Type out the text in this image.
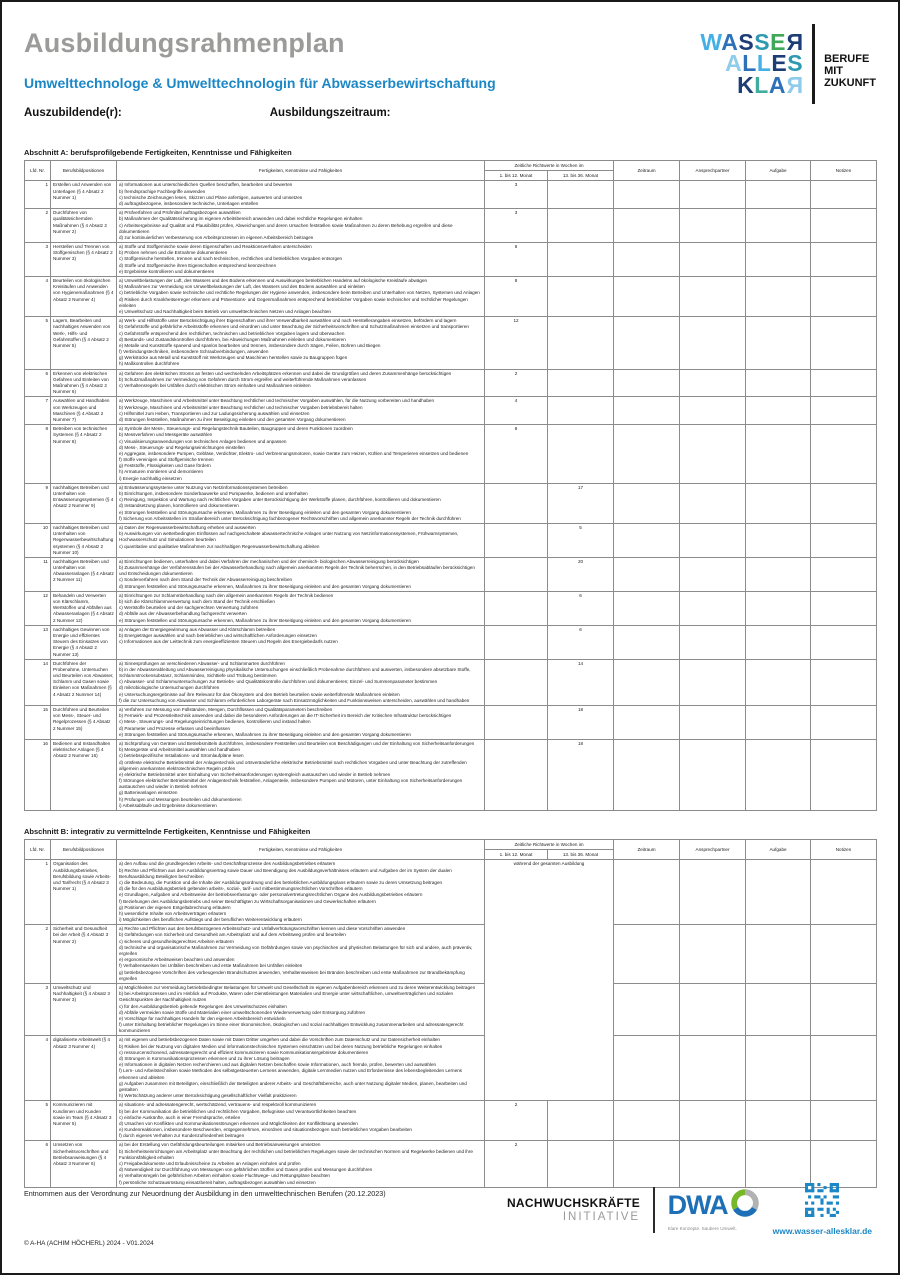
Ausbildungsrahmenplan
Umwelttechnologe & Umwelttechnologin für Abwasserbewirtschaftung
Auszubildende(r):	Ausbildungszeitraum:
WASSER
ALLES
KLAR
BERUFE
MIT
ZUKUNFT
Abschnitt A: berufsprofilgebende Fertigkeiten, Kenntnisse und Fähigkeiten
Lfd. Nr.	Berufsbildpositionen	Fertigkeiten, Kenntnisse und Fähigkeiten	Zeitliche Richtwerte in Wochen im		Zeitraum	Ansprechpartner	Aufgabe	Notizen
			1. bis 12. Monat	13. bis 36. Monat				
1	Erstellen und Anwenden von Unterlagen (§ 4 Absatz 2 Nummer 1)	a) Informationen aus unterschiedlichen Quellen beschaffen, bearbeiten und bewerten
b) fremdsprachige Fachbegriffe anwenden
c) technische Zeichnungen lesen, Skizzen und Pläne anfertigen, auswerten und umsetzen
d) auftragsbezogene, insbesondere technische, Unterlagen erstellen	3					
2	Durchführen von qualitätssichernden Maßnahmen (§ 4 Absatz 2 Nummer 2)	a) Prüfverfahren und Prüfmittel auftragsbezogen auswählen
b) Maßnahmen der Qualitätssicherung im eigenen Arbeitsbereich anwenden und dabei rechtliche Regelungen einhalten
c) Arbeitsergebnisse auf Qualität und Plausibilität prüfen, Abweichungen und deren Ursachen feststellen sowie Maßnahmen zu deren Behebung ergreifen und diese dokumentieren
d) zur kontinuierlichen Verbesserung von Arbeitsprozessen im eigenen Arbeitsbereich beitragen	3					
3	Herstellen und Trennen von Stoffgemischen (§ 4 Absatz 2 Nummer 3)	a) Stoffe und Stoffgemische sowie deren Eigenschaften und Reaktionsverhalten unterscheiden
b) Proben nehmen und die Entnahme dokumentieren
c) Stoffgemische herstellen, trennen und nach technischen, rechtlichen und betrieblichen Vorgaben entsorgen
d) Stoffe und Stoffgemische ihren Eigenschaften entsprechend kennzeichnen
e) Ergebnisse kontrollieren und dokumentieren	6					
4	Beurteilen von ökologischen Kreisläufen und Anwenden von Hygienemaßnahmen (§ 4 Absatz 2 Nummer 4)	a) Umweltbelastungen der Luft, des Wassers und des Bodens erkennen und Auswirkungen betrieblichen Handelns auf ökologische Kreisläufe abwägen
b) Maßnahmen zur Vermeidung von Umweltbelastungen der Luft, des Wassers und des Bodens auswählen und einleiten
c) betriebliche Vorgaben sowie technische und rechtliche Regelungen der Hygiene anwenden, insbesondere beim Betreiben und Unterhalten von Netzen, Systemen und Anlagen
d) Risiken durch Krankheitserreger erkennen und Präventions- und Gegenmaßnahmen entsprechend betrieblicher Vorgaben sowie technischer und rechtlicher Regelungen einleiten
e) Umweltschutz und Nachhaltigkeit beim Betrieb von umwelttechnischen Netzen und Anlagen beachten	8					
5	Lagern, Bearbeiten und nachhaltiges Anwenden von Werk-, Hilfs- und Gefahrstoffen (§ 4 Absatz 2 Nummer 5)	
a) Werk- und Hilfsstoffe unter Berücksichtigung ihrer Eigenschaften und ihrer Verwendbarkeit auswählen und nach Herstellerangaben einsetzen, befördern und lagern
b) Gefahrstoffe und gefährliche Arbeitsstoffe erkennen und einordnen und unter Beachtung der Sicherheitsvorschriften und Schutzmaßnahmen einsetzen und transportieren
c) Gefahrstoffe entsprechend den rechtlichen, technischen und betrieblichen Vorgaben lagern und überwachen
d) Bestands- und Zustandskontrollen durchführen, bei Abweichungen Maßnahmen einleiten und dokumentieren
e) Metalle und Kunststoffe spanend und spanlos bearbeiten und trennen, insbesondere durch Sägen, Feilen, Bohren und Biegen
f) Verbindungstechniken, insbesondere Schraubverbindungen, anwenden
g) Werkstücke aus Metall und Kunststoff mit Werkzeugen und Maschinen herstellen sowie zu Baugruppen fügen
h) Maßkontrollen durchführen
	12					
6	Erkennen von elektrischen Gefahren und Einleiten von Maßnahmen (§ 4 Absatz 2 Nummer 6)	a) Gefahren des elektrischen Stroms an festen und wechselnden Arbeitsplätzen erkennen und dabei die Grundgrößen und deren Zusammenhänge berücksichtigen
b) Schutzmaßnahmen zur Vermeidung von Gefahren durch Strom ergreifen und weiterführende Maßnahmen veranlassen
c) Verhaltensregeln bei Unfällen durch elektrischen Strom einhalten und Maßnahmen einleiten	2					
7	Auswählen und Handhaben von Werkzeugen und Maschinen (§ 4 Absatz 2 Nummer 7)	a) Werkzeuge, Maschinen und Arbeitsmittel unter Beachtung rechtlicher und technischer Vorgaben auswählen, für die Nutzung vorbereiten und handhaben
b) Werkzeuge, Maschinen und Arbeitsmittel unter Beachtung rechtlicher und technischer Vorgaben betriebsbereit halten
c) Hilfsmittel zum Heben, Transportieren und zur Ladungssicherung auswählen und einsetzen
d) Störungen feststellen, Maßnahmen zu ihrer Beseitigung einleiten und den gesamten Vorgang dokumentieren	4					
8	Betreiben von technischen Systemen (§ 4 Absatz 2 Nummer 8)	
a) Symbole der Mess-, Steuerungs- und Regelungstechnik Bauteilen, Baugruppen und deren Funktionen zuordnen
b) Messverfahren und Messgeräte auswählen
c) Visualisierungsanwendungen von technischen Anlagen bedienen und anpassen
d) Mess-, Steuerungs- und Regelungseinrichtungen einstellen
e) Aggregate, insbesondere Pumpen, Gebläse, Verdichter, Elektro- und Verbrennungsmotoren, sowie Geräte zum Heizen, Kühlen und Temperieren einsetzen und bedienen
f) Stoffe vereinigen und Stoffgemische trennen
g) Feststoffe, Flüssigkeiten und Gase fördern
h) Armaturen montieren und demontieren
i) Energie nachhaltig einsetzen
	8					
9	nachhaltiges Betreiben und Unterhalten von Entwässerungssystemen (§ 4 Absatz 2 Nummer 9)	
a) Entwässerungssysteme unter Nutzung von Netzinformationssystemen betreiben
b) Einrichtungen, insbesondere Sonderbauwerke und Pumpwerke, bedienen und unterhalten
c) Reinigung, Inspektion und Wartung nach rechtlichen Vorgaben unter Berücksichtigung der Werkstoffe planen, durchführen, kontrollieren und dokumentieren
d) Instandsetzung planen, kontrollieren und dokumentieren
e) Störungen feststellen und Störungsursache erkennen, Maßnahmen zu ihrer Beseitigung einleiten und den gesamten Vorgang dokumentieren
f) Sicherung von Arbeitsstellen im Straßenbereich unter Berücksichtigung fachbezogener Rechtsvorschriften und allgemein anerkannter Regeln der Technik durchführen
		17				
10	nachhaltiges Betreiben und Unterhalten von Regenwasserbewirtschaftungssystemen (§ 4 Absatz 2 Nummer 10)	a) Daten der Regenwasserbewirtschaftung erheben und auswerten
b) Auswirkungen von wetterbedingten Einflüssen auf nachgeschaltete abwassertechnische Anlagen unter Nutzung von Netzinformationssystemen, Frühwarnsystemen, Hochwasserschutz und Simulationen beurteilen
c) quantitative und qualitative Maßnahmen zur nachhaltigen Regenwasserbewirtschaftung ableiten		5				
11	nachhaltiges Betreiben und Unterhalten von Abwasseranlagen (§ 4 Absatz 2 Nummer 11)	a) Einrichtungen bedienen, unterhalten und dabei Verfahren der mechanischen und der chemisch- biologischen Abwasserreinigung berücksichtigen
b) Zusammenhänge der Verfahrensstufen bei der Abwasserbehandlung nach allgemein anerkannten Regeln der Technik beherrschen, in den Betriebsabläufen berücksichtigen und Entscheidungen dokumentieren
c) Sonderverfahren nach dem Stand der Technik der Abwasserreinigung beschreiben
d) Störungen feststellen und Störungsursache erkennen, Maßnahmen zu ihrer Beseitigung einleiten und den gesamten Vorgang dokumentieren		20				
12	Behandeln und Verwerten von Klärschlamm, Wertstoffen und Abfällen aus Abwasseranlagen (§ 4 Absatz 2 Nummer 12)	a) Einrichtungen zur Schlammbehandlung nach den allgemein anerkannten Regeln der Technik bedienen
b) sich die Klärschlammverwertung nach dem Stand der Technik erschließen
c) Wertstoffe beurteilen und der sachgerechten Verwertung zuführen
d) Abfälle aus der Abwasserbehandlung fachgerecht verwerten
e) Störungen feststellen und Störungsursache erkennen, Maßnahmen zu ihrer Beseitigung einleiten und den gesamten Vorgang dokumentieren		6				
13	nachhaltiges Gewinnen von Energie und effizientes Steuern des Einsatzes von Energie (§ 4 Absatz 2 Nummer 13)	a) Anlagen der Energiegewinnung aus Abwasser und Klärschlamm betreiben
b) Energieträger auswählen und nach betrieblichen und wirtschaftlichen Anforderungen einsetzen
c) Informationen aus der Leittechnik zum energieeffizienten Steuern und Regeln des Energiebedarfs nutzen		6				
14	Durchführen der Probenahme, Untersuchen und Beurteilen von Abwasser, Schlamm und Gasen sowie Einleiten von Maßnahmen (§ 4 Absatz 2 Nummer 14)	
a) Sinnesprüfungen an verschiedenen Abwasser- und Schlammarten durchführen
b) in der Abwasserableitung und Abwasserreinigung physikalische Untersuchungen einschließlich Probenahme durchführen und auswerten, insbesondere absetzbare Stoffe, Schlammtrockensubstanz, Schlammindex, Sichttiefe und Trübung bestimmen
c) Abwasser- und Schlammuntersuchungen zur Betriebs- und Qualitätskontrolle durchführen und dokumentieren; Einzel- und Summenparameter bestimmen
d) mikrobiologische Untersuchungen durchführen
e) Untersuchungsergebnisse auf ihre Relevanz für das Ökosystem und den Betrieb beurteilen sowie weiterführende Maßnahmen einleiten
f) die zur Untersuchung von Abwasser und Schlamm erforderlichen Laborgeräte nach Einsatzmöglichkeiten und Funktionsweisen unterscheiden, auswählen und handhaben
		14				
15	Durchführen und Beurteilen von Mess-, Steuer- und Regelprozessen (§ 4 Absatz 2 Nummer 15)	a) Verfahren zur Messung von Füllständen, Mengen, Durchflüssen und Qualitätsparametern beschreiben
b) Fernwirk- und Prozessleittechnik anwenden und dabei die besonderen Anforderungen an die IT-Sicherheit im Bereich der Kritischen Infrastruktur berücksichtigen
c) Mess-, Steuerungs- und Regelungseinrichtungen bedienen, kontrollieren und instand halten
d) Parameter und Prozesse erfassen und beeinflussen
e) Störungen feststellen und Störungsursache erkennen, Maßnahmen zu ihrer Beseitigung einleiten und den gesamten Vorgang dokumentieren		18				
16	Bedienen und Instandhalten elektrischer Anlagen (§ 4 Absatz 2 Nummer 16)	
a) Sichtprüfung von Geräten und Betriebsmitteln durchführen, insbesondere Feststellen und Beurteilen von Beschädigungen und der Einhaltung von Sicherheitsanforderungen
b) Messgeräte und Arbeitsmittel auswählen und handhaben
c) betriebsspezifische Installations- und Stromlaufpläne lesen
d) ortsfeste elektrische Betriebsmittel der Anlagentechnik und ortsveränderliche elektrische Betriebsmittel nach rechtlichen Vorgaben und unter Beachtung der zutreffenden allgemein anerkannten elektrotechnischen Regeln prüfen
e) elektrische Betriebsmittel unter Einhaltung von Sicherheitsanforderungen systemgleich austauschen und wieder in Betrieb nehmen
f) Störungen elektrischer Betriebsmittel der Anlagentechnik feststellen, Anlagenteile, insbesondere Pumpen und Motoren, unter Einhaltung von Sicherheitsanforderungen austauschen und wieder in Betrieb nehmen
g) Batterieanlagen einsetzen
h) Prüfungen und Messungen beurteilen und dokumentieren
i) Arbeitsabläufe und Ergebnisse dokumentieren
		18				
Abschnitt B: integrativ zu vermittelnde Fertigkeiten, Kenntnisse und Fähigkeiten
Lfd. Nr.	Berufsbildpositionen	Fertigkeiten, Kenntnisse und Fähigkeiten	Zeitliche Richtwerte in Wochen im		Zeitraum	Ansprechpartner	Aufgabe	Notizen
			1. bis 12. Monat	13. bis 36. Monat				
1	Organisation des Ausbildungsbetriebes, Berufsbildung sowie Arbeits- und Tarifrecht (§ 4 Absatz 3 Nummer 1)	
a) den Aufbau und die grundlegenden Arbeits- und Geschäftsprozesse des Ausbildungsbetriebes erläutern
b) Rechte und Pflichten aus dem Ausbildungsvertrag sowie Dauer und Beendigung des Ausbildungsverhältnisses erläutern und Aufgaben der im System der dualen Berufsausbildung Beteiligten beschreiben
c) die Bedeutung, die Funktion und die Inhalte der Ausbildungsordnung und des betrieblichen Ausbildungsplans erläutern sowie zu deren Umsetzung beitragen
d) die für den Ausbildungsbetrieb geltenden arbeits-, sozial-, tarif- und mitbestimmungsrechtlichen Vorschriften erläutern
e) Grundlagen, Aufgaben und Arbeitsweise der betriebsverfassungs- oder personalvertretungsrechtlichen Organe des Ausbildungsbetriebes erläutern
f) Beziehungen des Ausbildungsbetriebs und seiner Beschäftigten zu Wirtschaftsorganisationen und Gewerkschaften erläutern
g) Positionen der eigenen Entgeltabrechnung erläutern
h) wesentliche Inhalte von Arbeitsverträgen erläutern
i) Möglichkeiten des beruflichen Aufstiegs und der beruflichen Weiterentwicklung erläutern
	während der gesamten Ausbildung				
2	Sicherheit und Gesundheit bei der Arbeit (§ 4 Absatz 3 Nummer 2)	
a) Rechte und Pflichten aus den berufsbezogenen Arbeitsschutz- und Unfallverhütungsvorschriften kennen und diese Vorschriften anwenden
b) Gefährdungen von Sicherheit und Gesundheit am Arbeitsplatz und auf dem Arbeitsweg prüfen und beurteilen
c) sicheres und gesundheitsgerechtes Arbeiten erläutern
d) technische und organisatorische Maßnahmen zur Vermeidung von Gefährdungen sowie von psychischen und physischen Belastungen für sich und andere, auch präventiv, ergreifen
e) ergonomische Arbeitsweisen beachten und anwenden
f) Verhaltensweisen bei Unfällen beschreiben und erste Maßnahmen bei Unfällen einleiten
g) betriebsbezogene Vorschriften des vorbeugenden Brandschutzes anwenden, Verhaltensweisen bei Bränden beschreiben und erste Maßnahmen zur Brandbekämpfung ergreifen

3	Umweltschutz und Nachhaltigkeit (§ 4 Absatz 3 Nummer 3)	
a) Möglichkeiten zur Vermeidung betriebsbedingter Belastungen für Umwelt und Gesellschaft im eigenen Aufgabenbereich erkennen und zu deren Weiterentwicklung beitragen
b) bei Arbeitsprozessen und im Hinblick auf Produkte, Waren oder Dienstleistungen Materialien und Energie unter wirtschaftlichen, umweltverträglichen und sozialen Gesichtspunkten der Nachhaltigkeit nutzen
c) für den Ausbildungsbetrieb geltende Regelungen des Umweltschutzes einhalten
d) Abfälle vermeiden sowie Stoffe und Materialien einer umweltschonenden Wiederverwertung oder Entsorgung zuführen
e) Vorschläge für nachhaltiges Handeln für den eigenen Arbeitsbereich entwickeln
f) unter Einhaltung betrieblicher Regelungen im Sinne einer ökonomischen, ökologischen und sozial nachhaltigen Entwicklung zusammenarbeiten und adressatengerecht kommunizieren

4	digitalisierte Arbeitswelt (§ 4 Absatz 3 Nummer 4)	
a) mit eigenen und betriebsbezogenen Daten sowie mit Daten Dritter umgehen und dabei die Vorschriften zum Datenschutz und zur Datensicherheit einhalten
b) Risiken bei der Nutzung von digitalen Medien und informationstechnischen Systemen einschätzen und bei deren Nutzung betriebliche Regelungen einhalten
c) ressourcenschonend, adressatengerecht und effizient kommunizieren sowie Kommunikationsergebnisse dokumentieren
d) Störungen in Kommunikationsprozessen erkennen und zu ihrer Lösung beitragen
e) Informationen in digitalen Netzen recherchieren und aus digitalen Netzen beschaffen sowie Informationen, auch fremde, prüfen, bewerten und auswählen
f) Lern- und Arbeitstechniken sowie Methoden des selbstgesteuerten Lernens anwenden, digitale Lernmedien nutzen und Erfordernisse des lebensbegleitenden Lernens erkennen und ableiten
g) Aufgaben zusammen mit Beteiligten, einschließlich der Beteiligten anderer Arbeits- und Geschäftsbereiche, auch unter Nutzung digitaler Medien, planen, bearbeiten und gestalten
h) Wertschätzung anderer unter Berücksichtigung gesellschaftlicher Vielfalt praktizieren

5	Kommunizieren mit Kundinnen und Kunden sowie im Team (§ 4 Absatz 3 Nummer 5)	
a) situations- und adressatengerecht, wertschätzend, vertrauens- und respektvoll kommunizieren
b) bei der Kommunikation die betrieblichen und rechtlichen Vorgaben, Befugnisse und Verantwortlichkeiten beachten
c) einfache Auskünfte, auch in einer Fremdsprache, erteilen
d) Ursachen von Konflikten und Kommunikationsstörungen erkennen und Möglichkeiten der Konfliktlösung anwenden
e) Kundenreaktionen, insbesondere Beschwerden, entgegennehmen, einordnen und situationsbezogen nach betrieblichen Vorgaben bearbeiten
f) durch eigenes Verhalten zur Kundenzufriedenheit beitragen
	2					
6	Umsetzen von Sicherheitsvorschriften und Betriebsanweisungen (§ 4 Absatz 3 Nummer 6)	
a) bei der Erstellung von Gefährdungsbeurteilungen mitwirken und Betriebsanweisungen umsetzen
b) Sicherheitseinrichtungen am Arbeitsplatz unter Beachtung der rechtlichen und betrieblichen Regelungen sowie der technischen Normen und Regelwerke bedienen und ihre Funktionsfähigkeit erhalten
c) Freigabedokumente und Erlaubnisscheine zu Arbeiten an Anlagen einholen und prüfen
d) Notwendigkeit zur Durchführung von Messungen von gefährlichen Stoffen und Gasen prüfen und Messungen durchführen
e) Verhaltensregeln bei gefährlichen Arbeiten einhalten sowie Fluchtwege- und Rettungspläne beachten
f) persönliche Schutzausrüstung einsatzbereit halten, auftragsbezogen auswählen und einsetzen
	2					
Entnommen aus der Verordnung zur Neuordnung der Ausbildung in den umwelttechnischen Berufen (20.12.2023)
© A-HA (ACHIM HÖCHERL) 2024 - V01.2024
NACHWUCHSKRÄFTE
INITIATIVE DWA
Klare Konzepte. Saubere Umwelt.	www.wasser-allesklar.de
